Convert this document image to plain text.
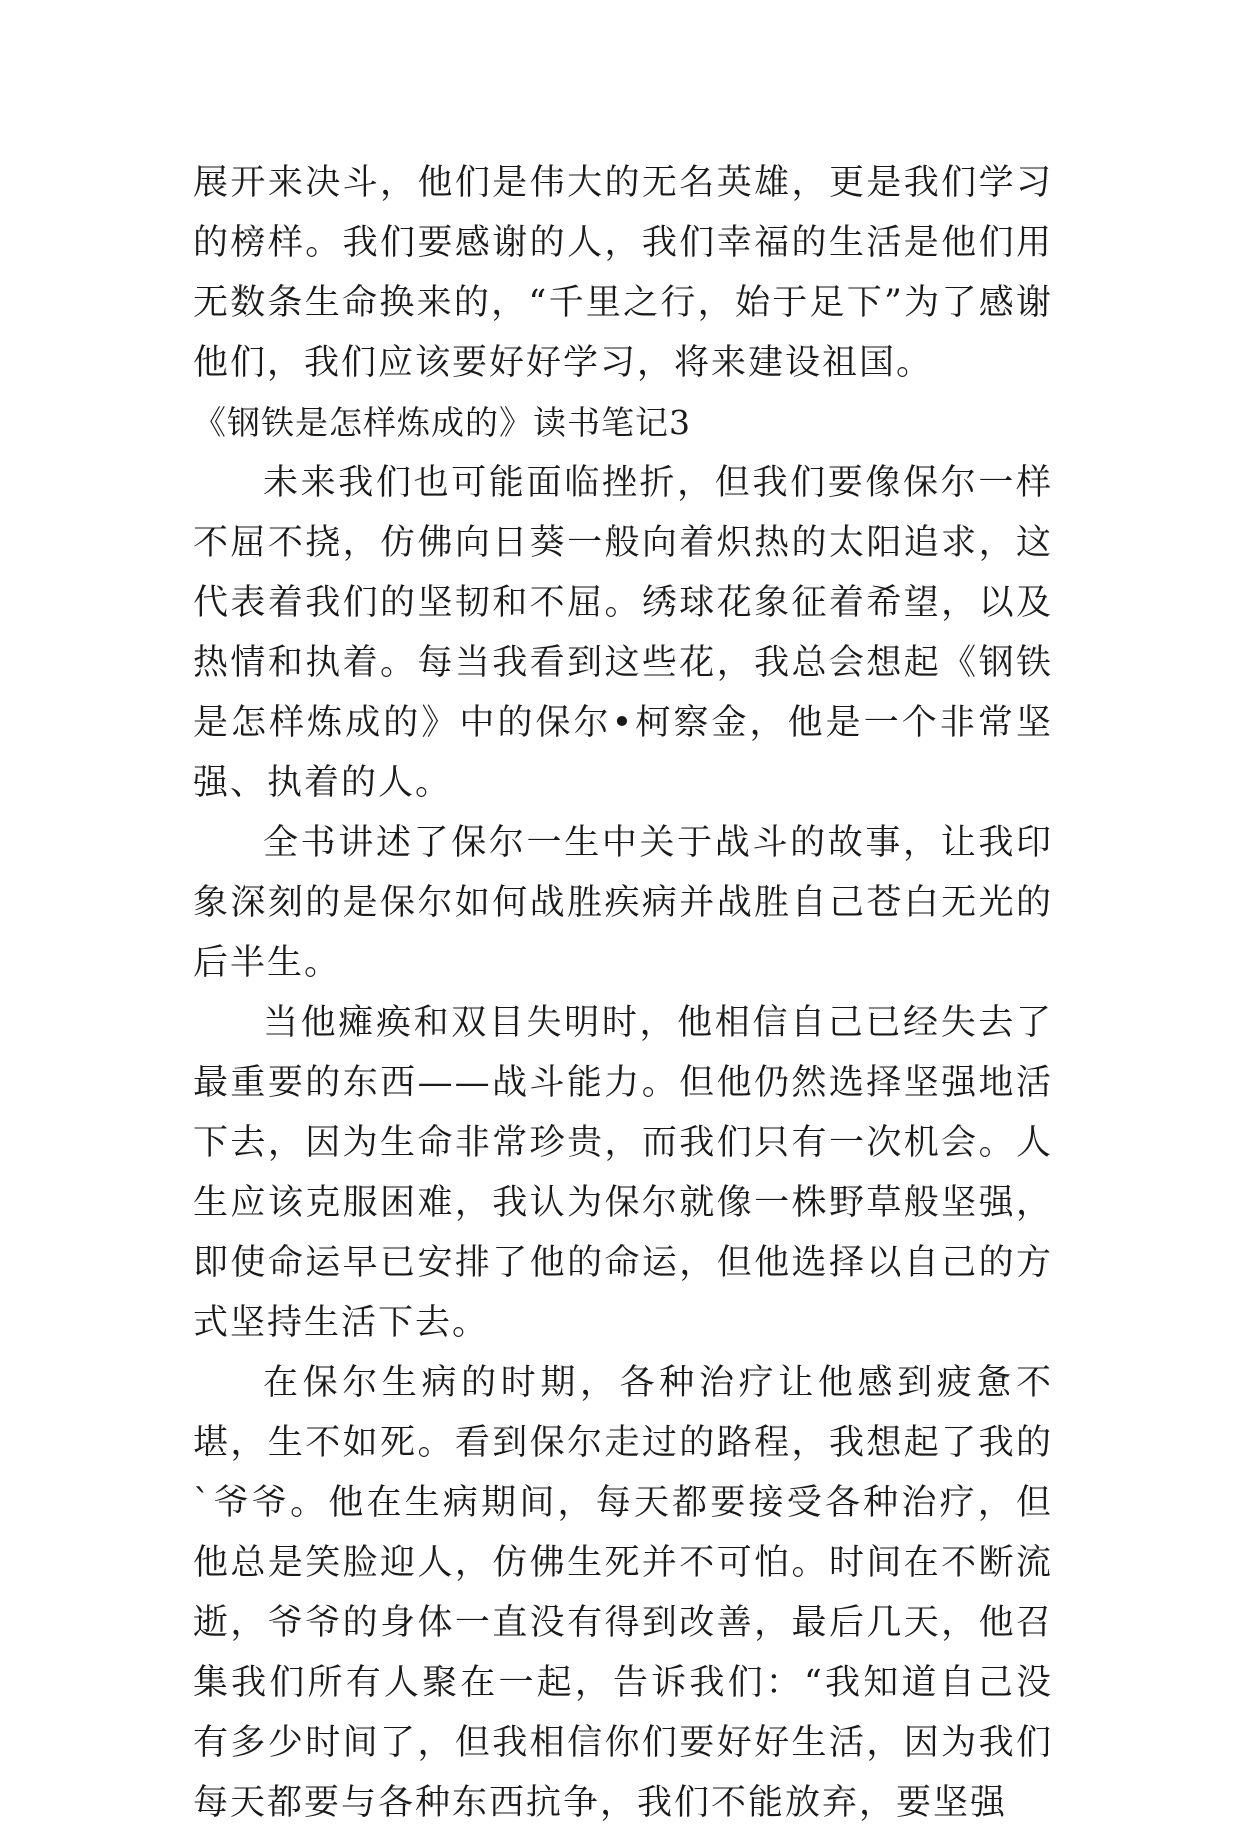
展开来决斗，他们是伟大的无名英雄，更是我们学习的榜样。我们要感谢的人，我们幸福的生活是他们用无数条生命换来的，“千里之行，始于足下”为了感谢他们，我们应该要好好学习，将来建设祖国。

《钢铁是怎样炼成的》读书笔记3

未来我们也可能面临挫折，但我们要像保尔一样不屈不挠，仿佛向日葵一般向着炽热的太阳追求，这代表着我们的坚韧和不屈。绣球花象征着希望，以及热情和执着。每当我看到这些花，我总会想起《钢铁是怎样炼成的》中的保尔•柯察金，他是一个非常坚强、执着的人。

全书讲述了保尔一生中关于战斗的故事，让我印象深刻的是保尔如何战胜疾病并战胜自己苍白无光的后半生。

当他瘫痪和双目失明时，他相信自己已经失去了最重要的东西——战斗能力。但他仍然选择坚强地活下去，因为生命非常珍贵，而我们只有一次机会。人生应该克服困难，我认为保尔就像一株野草般坚强，即使命运早已安排了他的命运，但他选择以自己的方式坚持生活下去。

在保尔生病的时期，各种治疗让他感到疲惫不堪，生不如死。看到保尔走过的路程，我想起了我的`爷爷。他在生病期间，每天都要接受各种治疗，但他总是笑脸迎人，仿佛生死并不可怕。时间在不断流逝，爷爷的身体一直没有得到改善，最后几天，他召集我们所有人聚在一起，告诉我们：“我知道自己没有多少时间了，但我相信你们要好好生活，因为我们每天都要与各种东西抗争，我们不能放弃，要坚强
